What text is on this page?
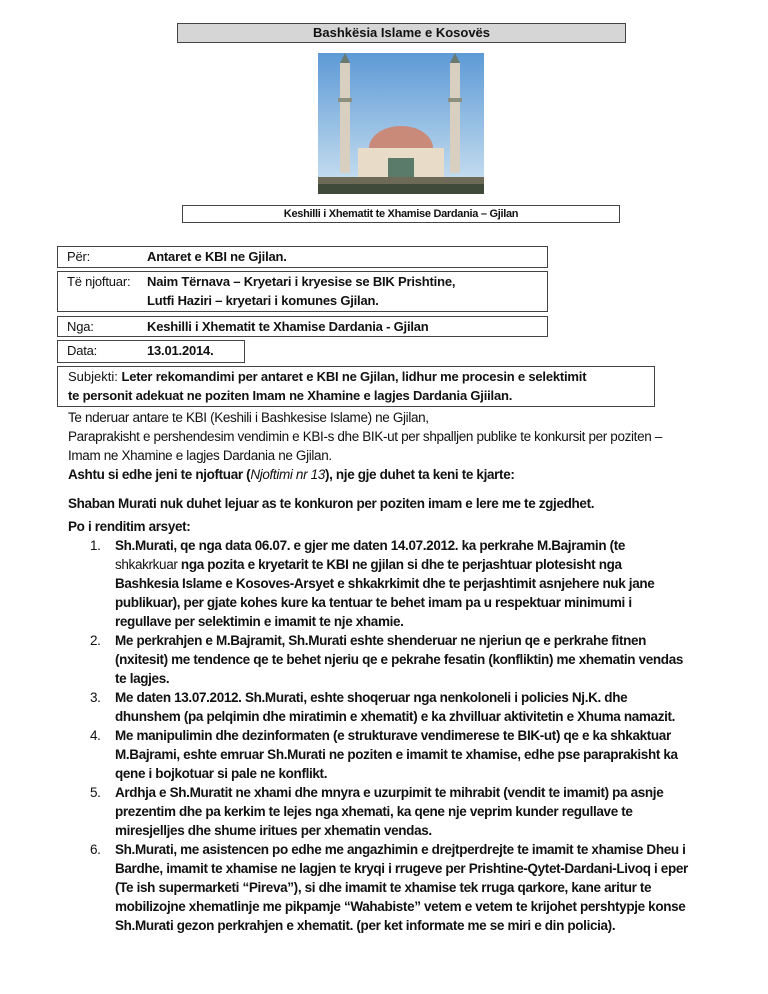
Bashkësia Islame e Kosovës
Keshilli i Xhematit te Xhamise Dardania – Gjilan
Për:	Antaret e KBI ne Gjilan.
Të njoftuar: Naim Tërnava – Kryetari i kryesise se BIK Prishtine,
Lutfi Haziri – kryetari i komunes Gjilan.
Nga:	Keshilli i Xhematit te Xhamise Dardania - Gjilan
Data:	13.01.2014.
Subjekti: Leter rekomandimi per antaret e KBI ne Gjilan, lidhur me procesin e selektimit
te personit adekuat ne poziten Imam ne Xhamine e lagjes Dardania Gjiilan.
Te nderuar antare te KBI (Keshili i Bashkesise Islame) ne Gjilan,
Paraprakisht e pershendesim vendimin e KBI-s dhe BIK-ut per shpalljen publike te konkursit per poziten –
Imam ne Xhamine e lagjes Dardania ne Gjilan.
Ashtu si edhe jeni te njoftuar (Njoftimi nr 13), nje gje duhet ta keni te kjarte:
Shaban Murati nuk duhet lejuar as te konkuron per poziten imam e lere me te zgjedhet.
Po i renditim arsyet:
1. Sh.Murati, qe nga data 06.07. e gjer me daten 14.07.2012. ka perkrahe M.Bajramin (te
shkakrkuar nga pozita e kryetarit te KBI ne gjilan si dhe te perjashtuar plotesisht nga
Bashkesia Islame e Kosoves-Arsyet e shkakrkimit dhe te perjashtimit asnjehere nuk jane
publikuar), per gjate kohes kure ka tentuar te behet imam pa u respektuar minimumi i
regullave per selektimin e imamit te nje xhamie.
2. Me perkrahjen e M.Bajramit, Sh.Murati eshte shenderuar ne njeriun qe e perkrahe fitnen
(nxitesit) me tendence qe te behet njeriu qe e pekrahe fesatin (konfliktin) me xhematin vendas
te lagjes.
3. Me daten 13.07.2012. Sh.Murati, eshte shoqeruar nga nenkoloneli i policies Nj.K. dhe
dhunshem (pa pelqimin dhe miratimin e xhematit) e ka zhvilluar aktivitetin e Xhuma namazit.
4. Me manipulimin dhe dezinformaten (e strukturave vendimerese te BIK-ut) qe e ka shkaktuar
M.Bajrami, eshte emruar Sh.Murati ne poziten e imamit te xhamise, edhe pse paraprakisht ka
qene i bojkotuar si pale ne konflikt.
5. Ardhja e Sh.Muratit ne xhami dhe mnyra e uzurpimit te mihrabit (vendit te imamit) pa asnje
prezentim dhe pa kerkim te lejes nga xhemati, ka qene nje veprim kunder regullave te
miresjelljes dhe shume iritues per xhematin vendas.
6. Sh.Murati, me asistencen po edhe me angazhimin e drejtperdrejte te imamit te xhamise Dheu i
Bardhe, imamit te xhamise ne lagjen te kryqi i rrugeve per Prishtine-Qytet-Dardani-Livoq i eper
(Te ish supermarketi “Pireva”), si dhe imamit te xhamise tek rruga qarkore, kane aritur te
mobilizojne xhematlinje me pikpamje “Wahabiste” vetem e vetem te krijohet pershtypje konse
Sh.Murati gezon perkrahjen e xhematit. (per ket informate me se miri e din policia).
